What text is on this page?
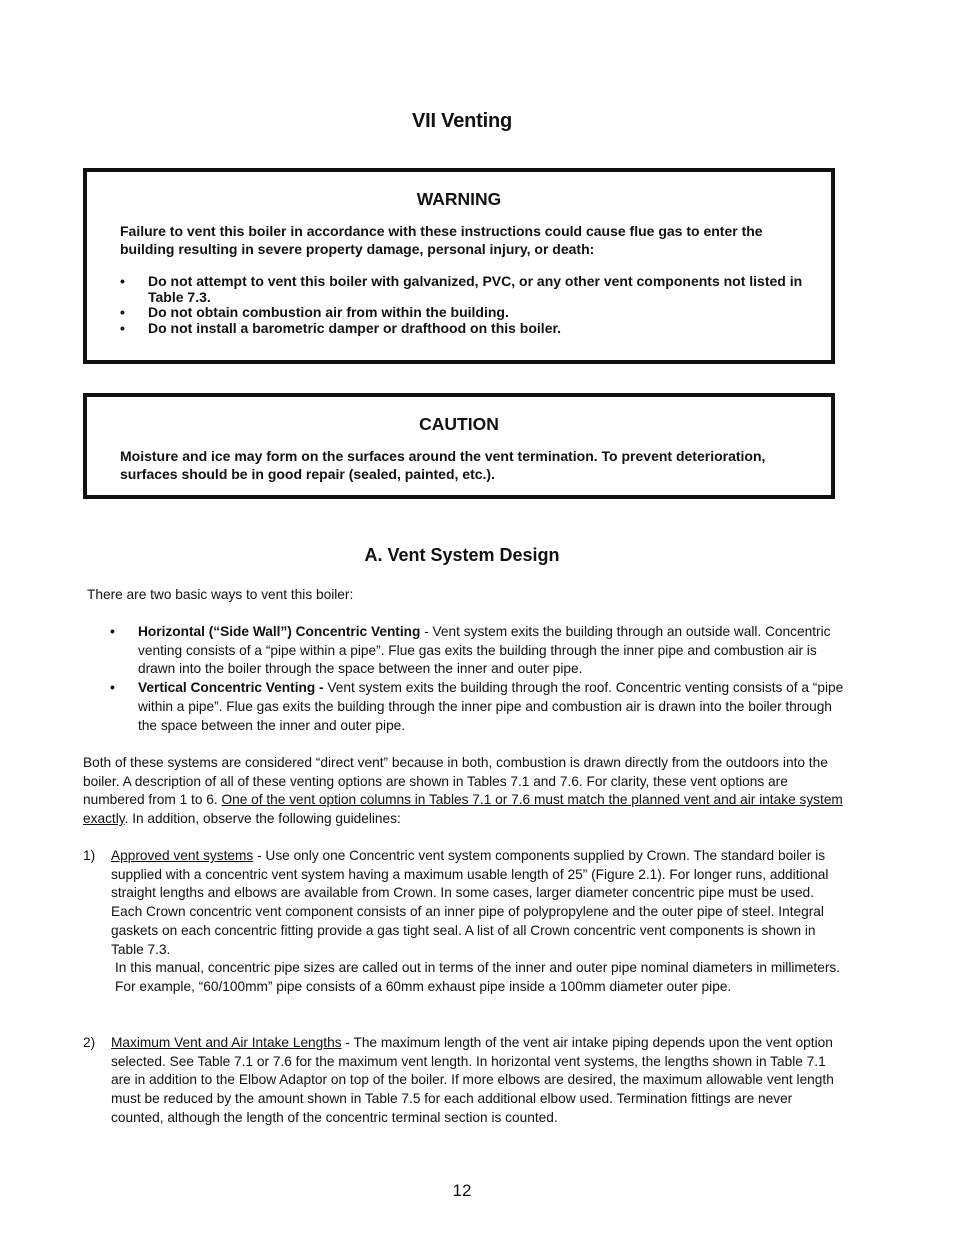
VII Venting
WARNING
Failure to vent this boiler in accordance with these instructions could cause flue gas to enter the building resulting in severe property damage, personal injury, or death:
• Do not attempt to vent this boiler with galvanized, PVC, or any other vent components not listed in Table 7.3.
• Do not obtain combustion air from within the building.
• Do not install a barometric damper or drafthood on this boiler.
CAUTION
Moisture and ice may form on the surfaces around the vent termination. To prevent deterioration, surfaces should be in good repair (sealed, painted, etc.).
A. Vent System Design
There are two basic ways to vent this boiler:
• Horizontal (“Side Wall”) Concentric Venting - Vent system exits the building through an outside wall. Concentric venting consists of a “pipe within a pipe”. Flue gas exits the building through the inner pipe and combustion air is drawn into the boiler through the space between the inner and outer pipe.
• Vertical Concentric Venting - Vent system exits the building through the roof. Concentric venting consists of a “pipe within a pipe”. Flue gas exits the building through the inner pipe and combustion air is drawn into the boiler through the space between the inner and outer pipe.
Both of these systems are considered “direct vent” because in both, combustion is drawn directly from the outdoors into the boiler. A description of all of these venting options are shown in Tables 7.1 and 7.6. For clarity, these vent options are numbered from 1 to 6. One of the vent option columns in Tables 7.1 or 7.6 must match the planned vent and air intake system exactly. In addition, observe the following guidelines:
1) Approved vent systems - Use only one Concentric vent system components supplied by Crown. The standard boiler is supplied with a concentric vent system having a maximum usable length of 25” (Figure 2.1). For longer runs, additional straight lengths and elbows are available from Crown. In some cases, larger diameter concentric pipe must be used. Each Crown concentric vent component consists of an inner pipe of polypropylene and the outer pipe of steel. Integral gaskets on each concentric fitting provide a gas tight seal. A list of all Crown concentric vent components is shown in Table 7.3.
In this manual, concentric pipe sizes are called out in terms of the inner and outer pipe nominal diameters in millimeters. For example, “60/100mm” pipe consists of a 60mm exhaust pipe inside a 100mm diameter outer pipe.
2) Maximum Vent and Air Intake Lengths - The maximum length of the vent air intake piping depends upon the vent option selected. See Table 7.1 or 7.6 for the maximum vent length. In horizontal vent systems, the lengths shown in Table 7.1 are in addition to the Elbow Adaptor on top of the boiler. If more elbows are desired, the maximum allowable vent length must be reduced by the amount shown in Table 7.5 for each additional elbow used. Termination fittings are never counted, although the length of the concentric terminal section is counted.
12
